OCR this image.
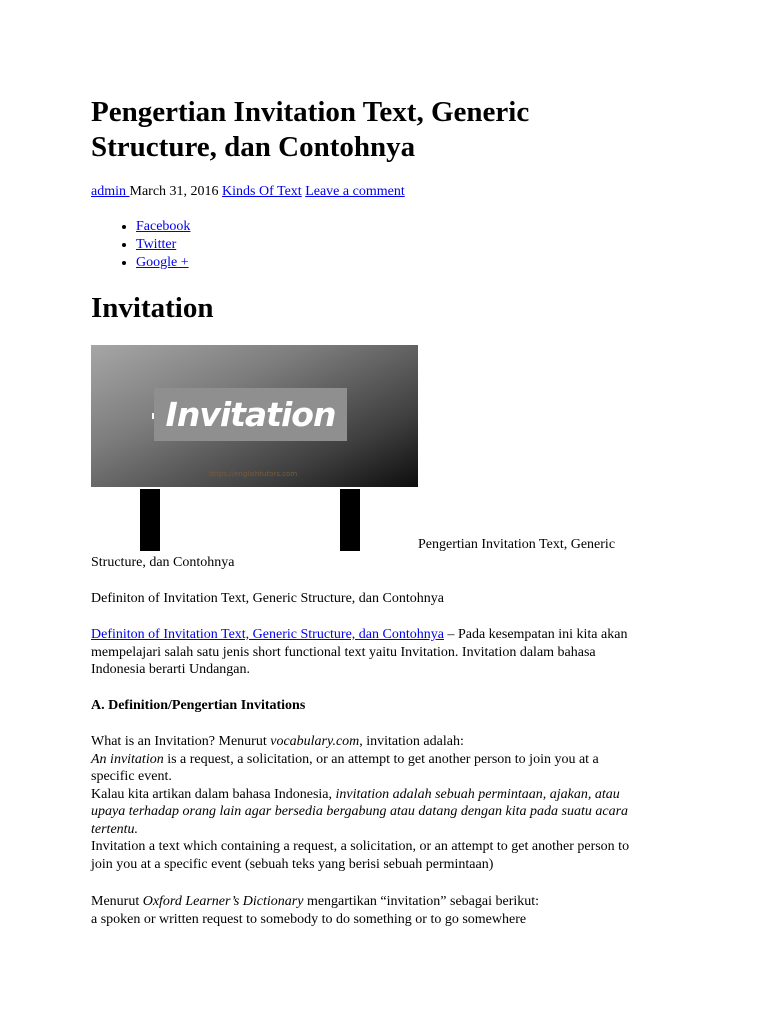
Pengertian Invitation Text, Generic Structure, dan Contohnya
admin March 31, 2016 Kinds Of Text Leave a comment
• Facebook
• Twitter
• Google +
Invitation
Invitation
https://englishtutors.com
Pengertian Invitation Text, Generic
Structure, dan Contohnya

Definiton of Invitation Text, Generic Structure, dan Contohnya

Definiton of Invitation Text, Generic Structure, dan Contohnya – Pada kesempatan ini kita akan
mempelajari salah satu jenis short functional text yaitu Invitation. Invitation dalam bahasa
Indonesia berarti Undangan.

A. Definition/Pengertian Invitations

What is an Invitation? Menurut vocabulary.com, invitation adalah:
An invitation is a request, a solicitation, or an attempt to get another person to join you at a
specific event.
Kalau kita artikan dalam bahasa Indonesia, invitation adalah sebuah permintaan, ajakan, atau
upaya terhadap orang lain agar bersedia bergabung atau datang dengan kita pada suatu acara
tertentu.
Invitation a text which containing a request, a solicitation, or an attempt to get another person to
join you at a specific event (sebuah teks yang berisi sebuah permintaan)

Menurut Oxford Learner’s Dictionary mengartikan “invitation” sebagai berikut:
a spoken or written request to somebody to do something or to go somewhere
